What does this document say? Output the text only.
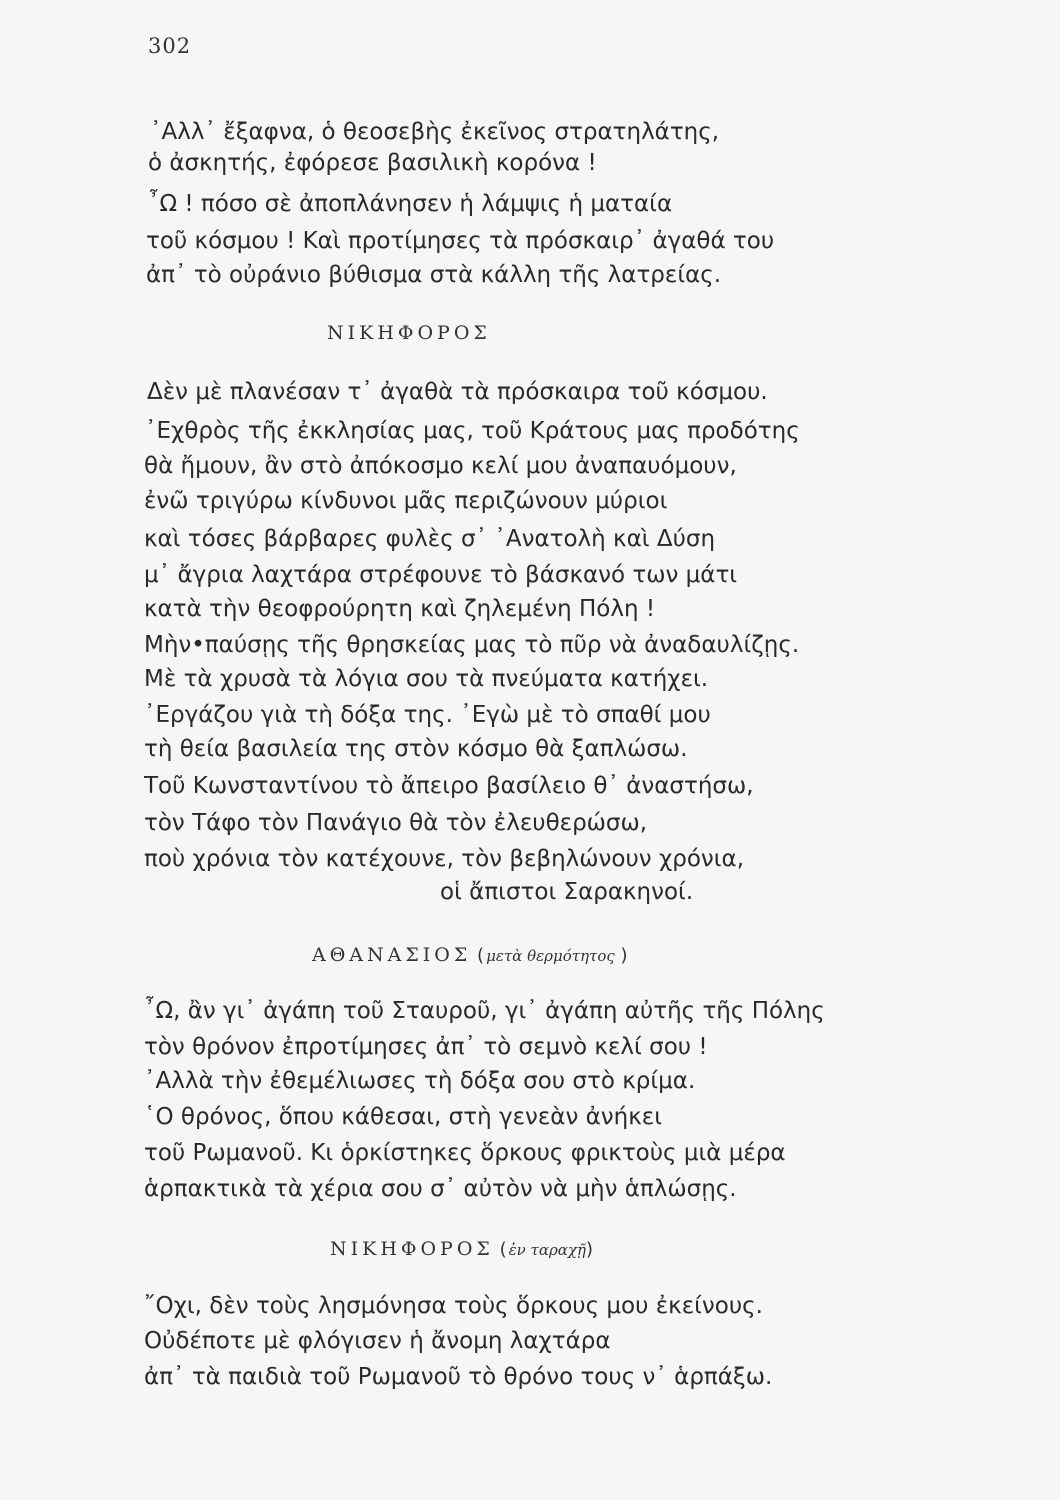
302
᾿Αλλ᾿ ἔξαφνα, ὁ θεοσεβὴς ἐκεῖνος στρατηλάτης,
ὁ ἀσκητής, ἐφόρεσε βασιλικὴ κορόνα !
῏Ω ! πόσο σὲ ἀποπλάνησεν ἡ λάμψις ἡ ματαία
τοῦ κόσμου ! Καὶ προτίμησες τὰ πρόσκαιρ᾿ ἀγαθά του
ἀπ᾿ τὸ οὐράνιο βύθισμα στὰ κάλλη τῆς λατρείας.
ΝΙΚΗΦΟΡΟΣ
Δὲν μὲ πλανέσαν τ᾿ ἀγαθὰ τὰ πρόσκαιρα τοῦ κόσμου.
᾿Εχθρὸς τῆς ἐκκλησίας μας, τοῦ Κράτους μας προδότης
θὰ ἤμουν, ἂν στὸ ἀπόκοσμο κελί μου ἀναπαυόμουν,
ἐνῶ τριγύρω κίνδυνοι μᾶς περιζώνουν μύριοι
καὶ τόσες βάρβαρες φυλὲς σ᾿ ᾿Ανατολὴ καὶ Δύση
μ᾿ ἄγρια λαχτάρα στρέφουνε τὸ βάσκανό των μάτι
κατὰ τὴν θεοφρούρητη καὶ ζηλεμένη Πόλη !
Μὴν•παύσῃς τῆς θρησκείας μας τὸ πῦρ νὰ ἀναδαυλίζῃς.
Μὲ τὰ χρυσὰ τὰ λόγια σου τὰ πνεύματα κατήχει.
᾿Εργάζου γιὰ τὴ δόξα της. ᾿Εγὼ μὲ τὸ σπαθί μου
τὴ θεία βασιλεία της στὸν κόσμο θὰ ξαπλώσω.
Τοῦ Κωνσταντίνου τὸ ἄπειρο βασίλειο θ᾿ ἀναστήσω,
τὸν Τάφο τὸν Πανάγιο θὰ τὸν ἐλευθερώσω,
ποὺ χρόνια τὸν κατέχουνε, τὸν βεβηλώνουν χρόνια,
οἱ ἄπιστοι Σαρακηνοί.
ΑΘΑΝΑΣΙΟΣ ( μετὰ θερμότητος )
῏Ω, ἂν γι᾿ ἀγάπη τοῦ Σταυροῦ, γι᾿ ἀγάπη αὐτῆς τῆς Πόλης
τὸν θρόνον ἐπροτίμησες ἀπ᾿ τὸ σεμνὸ κελί σου !
᾿Αλλὰ τὴν ἐθεμέλιωσες τὴ δόξα σου στὸ κρίμα.
῾Ο θρόνος, ὅπου κάθεσαι, στὴ γενεὰν ἀνήκει
τοῦ Ρωμανοῦ. Κι ὁρκίστηκες ὅρκους φρικτοὺς μιὰ μέρα
ἁρπακτικὰ τὰ χέρια σου σ᾿ αὐτὸν νὰ μὴν ἁπλώσῃς.
ΝΙΚΗΦΟΡΟΣ ( ἐν ταραχῇ)
῎Οχι, δὲν τοὺς λησμόνησα τοὺς ὅρκους μου ἐκείνους.
Οὐδέποτε μὲ φλόγισεν ἡ ἄνομη λαχτάρα
ἀπ᾿ τὰ παιδιὰ τοῦ Ρωμανοῦ τὸ θρόνο τους ν᾿ ἁρπάξω.
